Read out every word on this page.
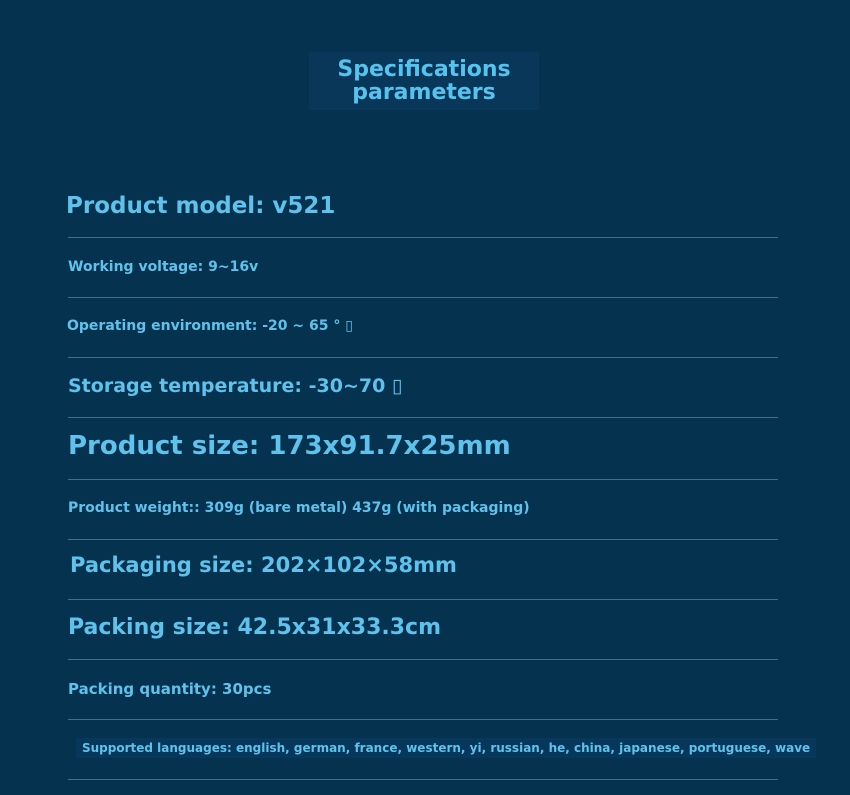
Specifications
parameters
Product model: v521
Working voltage: 9~16v
Operating environment: -20 ~ 65 ° ▯
Storage temperature: -30~70 ▯
Product size: 173x91.7x25mm
Product weight:: 309g (bare metal) 437g (with packaging)
Packaging size: 202×102×58mm
Packing size: 42.5x31x33.3cm
Packing quantity: 30pcs
Supported languages: english, german, france, western, yi, russian, he, china, japanese, portuguese, wave
